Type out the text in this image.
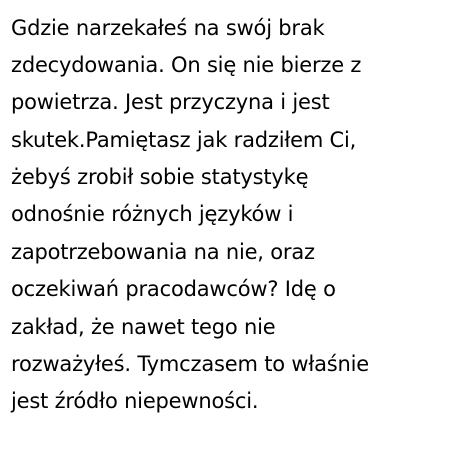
Gdzie narzekałeś na swój brak
zdecydowania. On się nie bierze z
powietrza. Jest przyczyna i jest
skutek.Pamiętasz jak radziłem Ci,
żebyś zrobił sobie statystykę
odnośnie różnych języków i
zapotrzebowania na nie, oraz
oczekiwań pracodawców? Idę o
zakład, że nawet tego nie
rozważyłeś. Tymczasem to właśnie
jest źródło niepewności.
